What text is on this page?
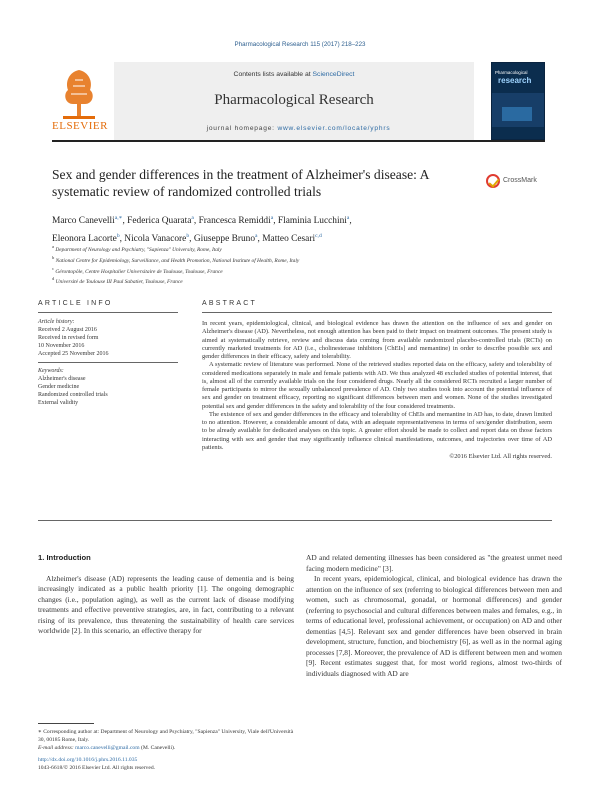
Pharmacological Research 115 (2017) 218–223
ELSEVIER
Contents lists available at ScienceDirect
Pharmacological Research
Pharmacological
research
journal homepage: www.elsevier.com/locate/yphrs
Sex and gender differences in the treatment of Alzheimer's disease: A systematic review of randomized controlled trials
CrossMark
Marco Canevelli$^{a,∗}$, Federica Quarata$^a$, Francesca Remiddi$^a$, Flaminia Lucchini$^a$,
Eleonora Lacorte$^b$, Nicola Vanacore$^b$, Giuseppe Bruno$^a$, Matteo Cesari$^{c,d}$
$^a$ Department of Neurology and Psychiatry, "Sapienza" University, Rome, Italy
$^b$ National Centre for Epidemiology, Surveillance, and Health Promotion, National Institute of Health, Rome, Italy
$^c$ Gérontopôle, Centre Hospitalier Universitaire de Toulouse, Toulouse, France
$^d$ Université de Toulouse III Paul Sabatier, Toulouse, France
ARTICLE INFO	ABSTRACT
Article history:
Received 2 August 2016
Received in revised form
10 November 2016
Accepted 25 November 2016
Keywords:
Alzheimer's disease
Gender medicine
Randomized controlled trials
External validity

In recent years, epidemiological, clinical, and biological evidence has drawn the attention on the influence of sex and gender on Alzheimer's disease (AD). Nevertheless, not enough attention has been paid to their impact on treatment outcomes. The present study is aimed at systematically retrieve, review and discuss data coming from available randomized placebo-controlled trials (RCTs) on currently marketed treatments for AD (i.e., cholinesterase inhibitors [ChEIs] and memantine) in order to describe possible sex and gender differences in their efficacy, safety and tolerability.

A systematic review of literature was performed. None of the retrieved studies reported data on the efficacy, safety and tolerability of considered medications separately in male and female patients with AD. We thus analyzed 48 excluded studies of potential interest, that is, almost all of the currently available trials on the four considered drugs. Nearly all the considered RCTs recruited a larger number of female participants to mirror the sexually unbalanced prevalence of AD. Only two studies took into account the potential influence of sex and gender on treatment efficacy, reporting no significant differences between men and women. None of the studies investigated potential sex and gender differences in the safety and tolerability of the four considered treatments.

The existence of sex and gender differences in the efficacy and tolerability of ChEIs and memantine in AD has, to date, drawn limited to no attention. However, a considerable amount of data, with an adequate representativeness in terms of sex/gender distribution, seem to be already available for dedicated analyses on this topic. A greater effort should be made to collect and report data on those factors interacting with sex and gender that may significantly influence clinical manifestations, outcomes, and trajectories over time of AD patients.

©2016 Elsevier Ltd. All rights reserved.
1. Introduction

Alzheimer's disease (AD) represents the leading cause of dementia and is being increasingly indicated as a public health priority [1]. The ongoing demographic changes (i.e., population aging), as well as the current lack of disease modifying treatments and effective preventive strategies, are, in fact, contributing to a relevant rising of its prevalence, thus threatening the sustainability of health care services worldwide [2]. In this scenario, an effective therapy for

AD and related dementing illnesses has been considered as "the greatest unmet need facing modern medicine" [3].

In recent years, epidemiological, clinical, and biological evidence has drawn the attention on the influence of sex (referring to biological differences between men and women, such as chromosomal, gonadal, or hormonal differences) and gender (referring to psychosocial and cultural differences between males and females, e.g., in terms of educational level, professional achievement, or occupation) on AD and other dementias [4,5]. Relevant sex and gender differences have been observed in brain development, structure, function, and biochemistry [6], as well as in the normal aging processes [7,8]. Moreover, the prevalence of AD is different between men and women [9]. Recent estimates suggest that, for most world regions, almost two-thirds of individuals diagnosed with AD are

∗ Corresponding author at: Department of Neurology and Psychiatry, "Sapienza" University, Viale dell'Università 30, 00185 Rome, Italy.
E-mail address: marco.canevelli@gmail.com (M. Canevelli).
http://dx.doi.org/10.1016/j.phrs.2016.11.035
1043-6618/© 2016 Elsevier Ltd. All rights reserved.
